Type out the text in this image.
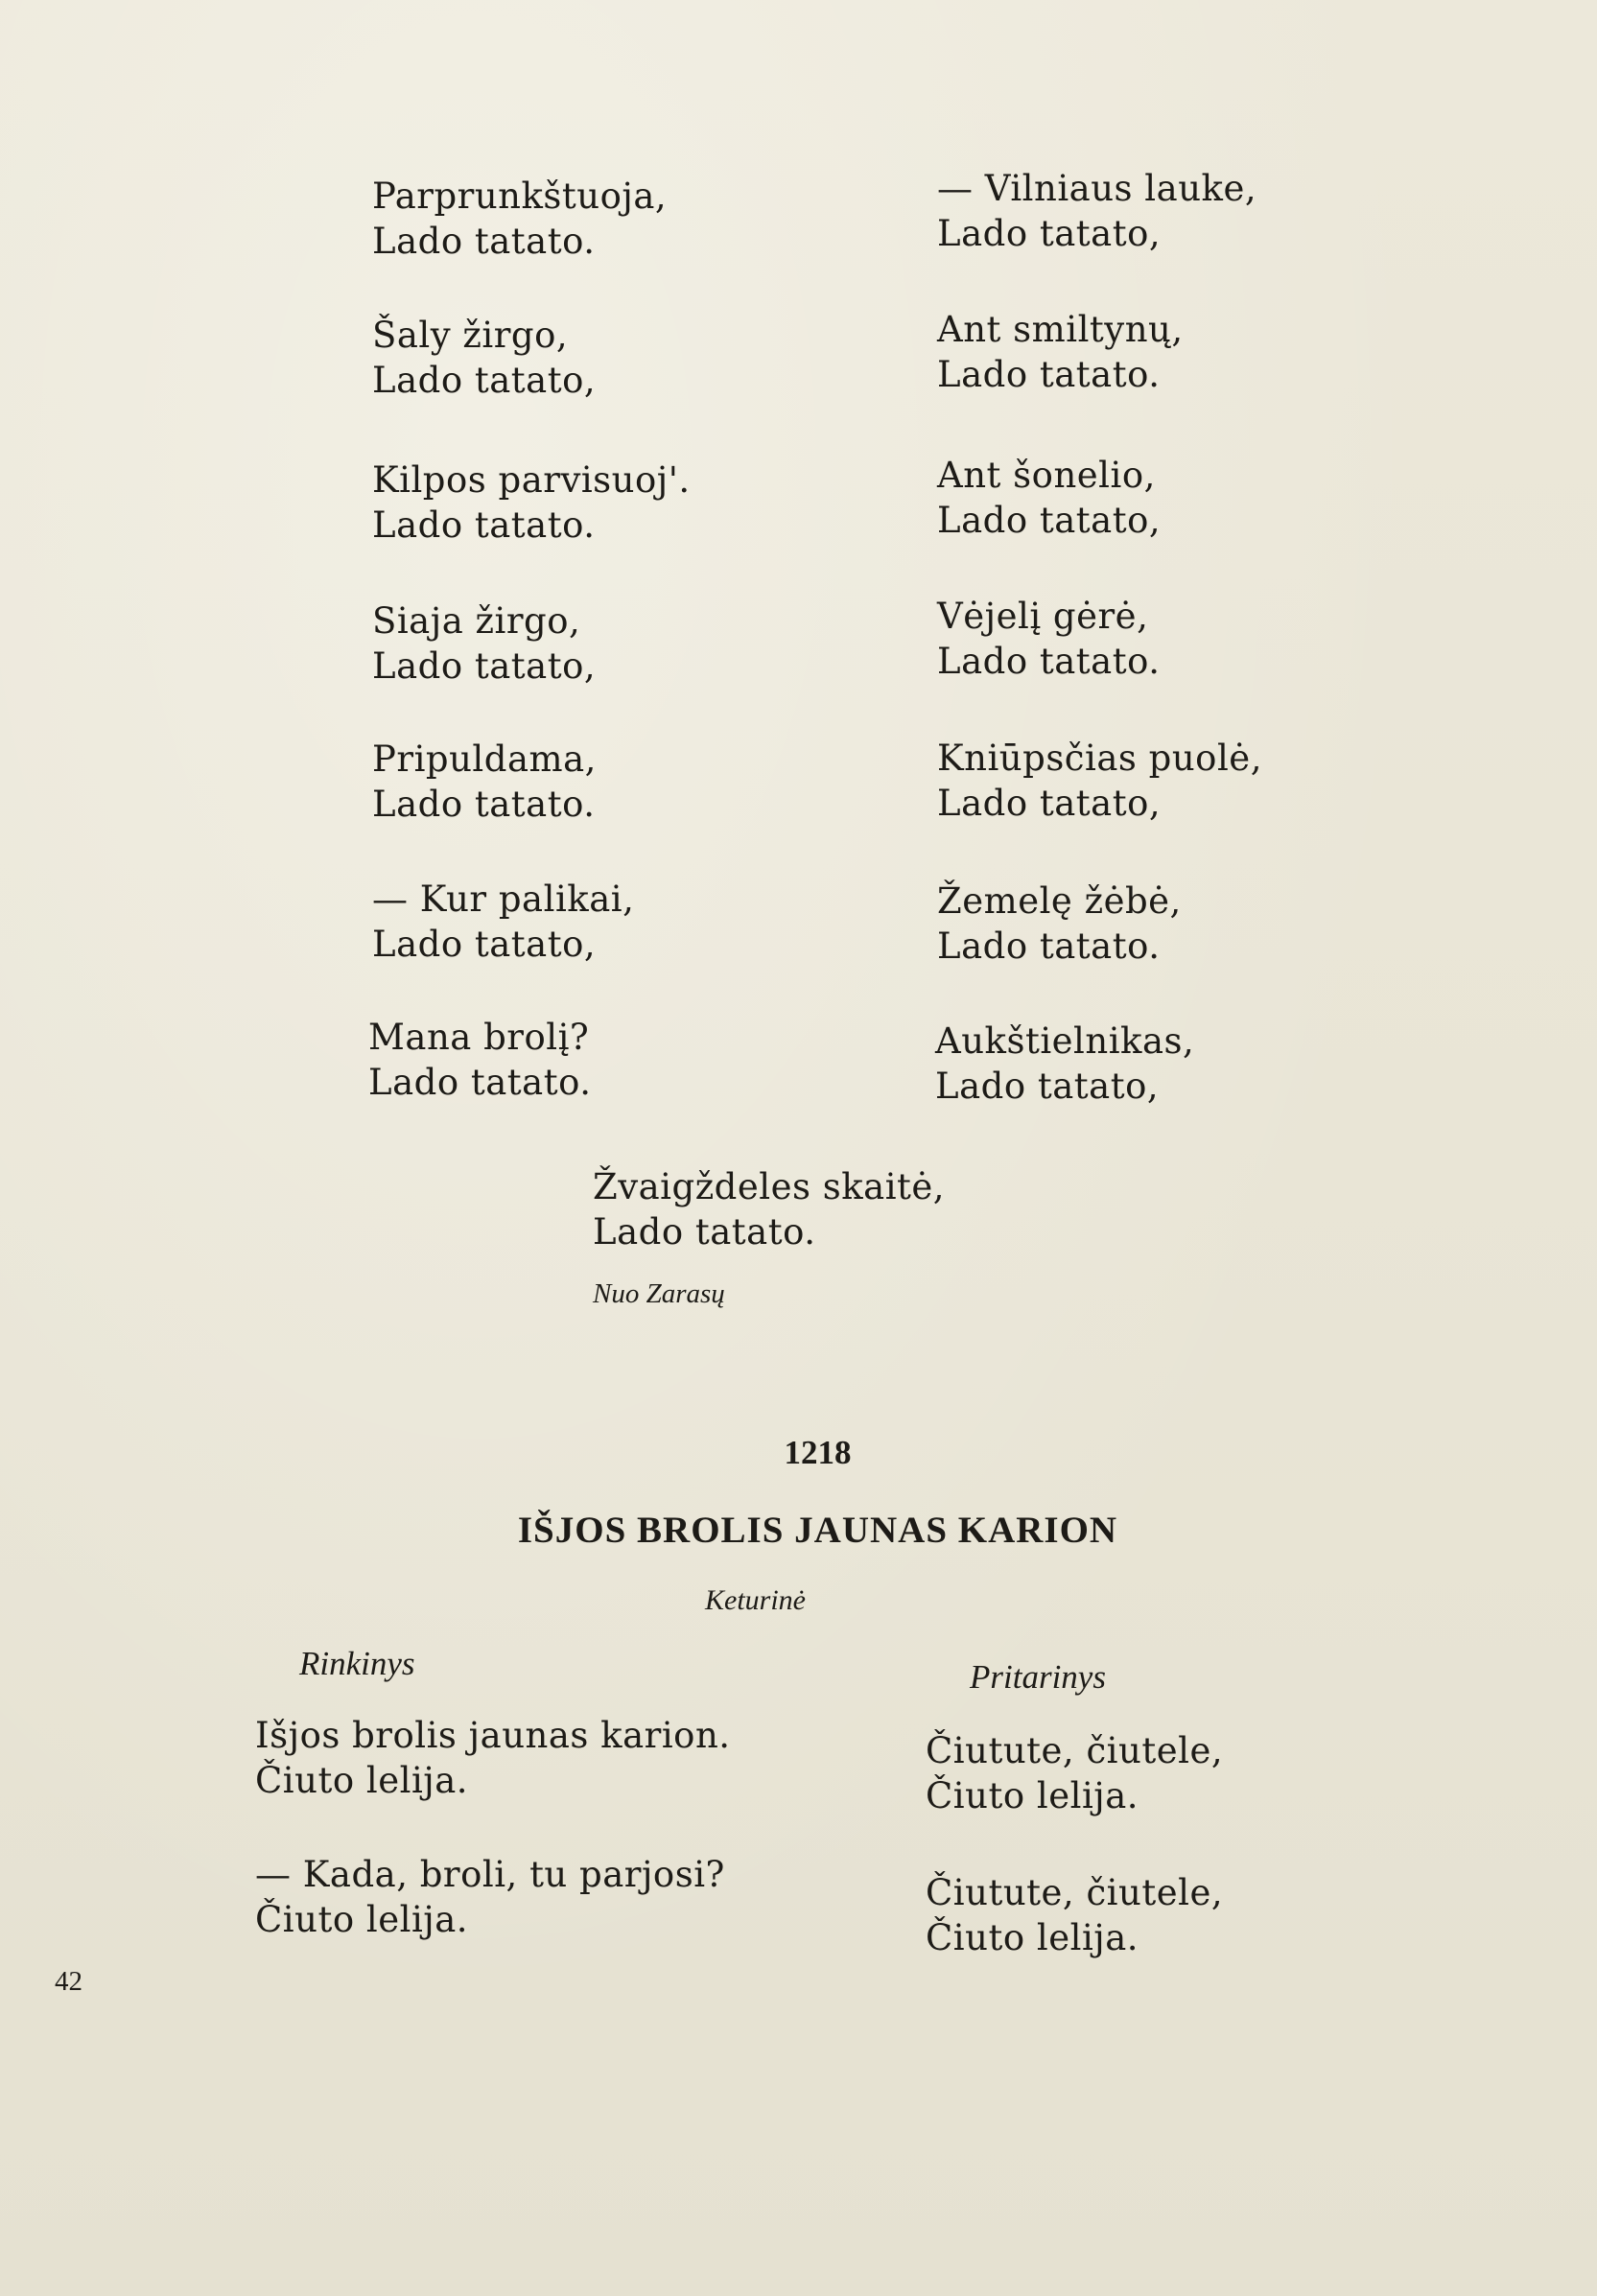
Parprunkštuoja,
Lado tatato.
Šaly žirgo,
Lado tatato,
Kilpos parvisuoj'.
Lado tatato.
Siaja žirgo,
Lado tatato,
Pripuldama,
Lado tatato.
— Kur palikai,
Lado tatato,
Mana brolį?
Lado tatato.
— Vilniaus lauke,
Lado tatato,
Ant smiltynų,
Lado tatato.
Ant šonelio,
Lado tatato,
Vėjelį gėrė,
Lado tatato.
Kniūpsčias puolė,
Lado tatato,
Žemelę žėbė,
Lado tatato.
Aukštielnikas,
Lado tatato,
Žvaigždeles skaitė,
Lado tatato.
Nuo Zarasų
1218
IŠJOS BROLIS JAUNAS KARION
Keturinė
Rinkinys	Pritarinys
Išjos brolis jaunas karion.
Čiuto lelija.
— Kada, broli, tu parjosi?
Čiuto lelija.
Čiutute, čiutele,
Čiuto lelija.
Čiutute, čiutele,
Čiuto lelija.
42
